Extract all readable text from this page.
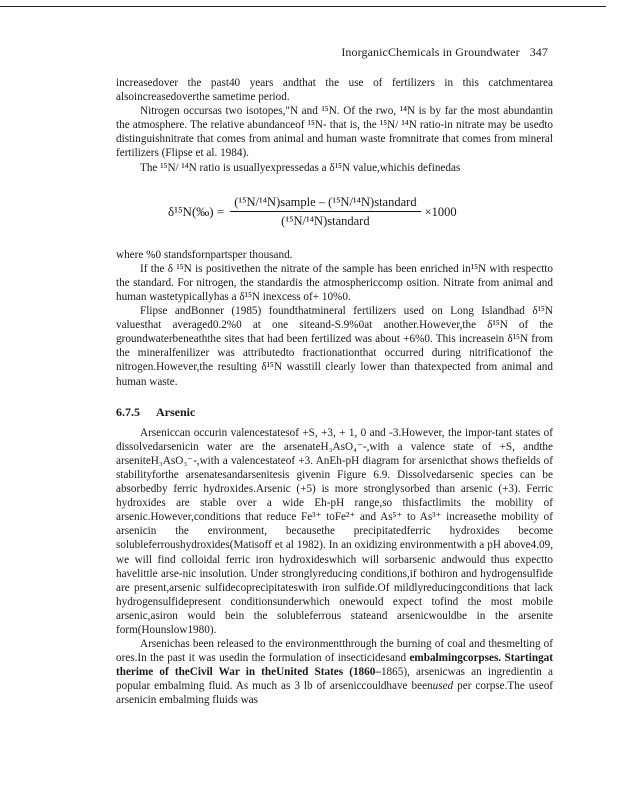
InorganicChemicals in Groundwater 347

increasedover the past40 years andthat the use of fertilizers in this catchmentarea alsoincreasedoverthe sametime period.

Nitrogen occursas two isotopes,"N and ¹⁵N. Of the rwo, ¹⁴N is by far the most abundantin the atmosphere. The relative abundanceof ¹⁵N- that is, the ¹⁵N/ ¹⁴N ratio-in nitrate may be usedto distinguishnitrate that comes from animal and human waste fromnitrate that comes from mineral fertilizers (Flipse et al. 1984).

The ¹⁵N/ ¹⁴N ratio is usuallyexpressedas a δ¹⁵N value,whichis definedas

δ¹⁵N(‰) = $\frac{\text{(¹⁵N/¹⁴N)sample – (¹⁵N/¹⁴N)standard}}{\text{(¹⁵N/¹⁴N)standard}} \times 1000$

where %0 standsfornpartsper thousand.

If the δ ¹⁵N is positivethen the nitrate of the sample has been enriched in¹⁵N with respectto the standard. For nitrogen, the standardis the atmosphericcomp osition. Nitrate from animal and human wastetypicallyhas a δ¹⁵N inexcess of+ 10%0.

Flipse andBonner (1985) foundthatmineral fertilizers used on Long Islandhad δ¹⁵N valuesthat averaged0.2%0 at one siteand-S.9%0at another.However,the δ¹⁵N of the groundwaterbeneaththe sites that had been fertilized was about +6%0. This increasein δ¹⁵N from the mineralfenilizer was attributedto fractionationthat occurred during nitrificationof the nitrogen.However,the resulting δ¹⁵N wasstill clearly lower than thatexpected from animal and human waste.

6.7.5 Arsenic

Arseniccan occurin valencestatesof +S, +3, + 1, 0 and -3.However, the impor-tant states of dissolvedarsenicin water are the arsenateH₃AsO₄⁻-,with a valence state of +S, andthe arseniteH₃AsO₃⁻-,with a valencestateof +3. AnEh-pH diagram for arsenicthat shows thefields of stabilityforthe arsenatesandarsenitesis givenin Figure 6.9. Dissolvedarsenic species can be absorbedby ferric hydroxides.Arsenic (+5) is more stronglysorbed than arsenic (+3). Ferric hydroxides are stable over a wide Eh-pH range,so thisfactlimits the mobility of arsenic.However,conditions that reduce Fe³⁺ toFe²⁺ and As⁵⁺ to As³⁺ increasethe mobility of arsenicin the environment, becausethe precipitatedferric hydroxides become solubleferroushydroxides(Matisoff et al 1982). In an oxidizing environmentwith a pH above4.09, we will find colloidal ferric iron hydroxideswhich will sorbarsenic andwould thus expectto havelittle arse-nic insolution. Under stronglyreducing conditions,if bothiron and hydrogensulfide are present,arsenic sulfidecoprecipitateswith iron sulfide.Of mildlyreducingconditions that lack hydrogensulfidepresent conditionsunderwhich onewould expect tofind the most mobile arsenic,asiron would bein the solubleferrous stateand arsenicwouldbe in the arsenite form(Hounslow1980).

Arsenichas been released to the environmentthrough the burning of coal and thesmelting of ores.In the past it was usedin the formulation of insecticidesand embalmingcorpses. Startingat therime of theCivil War in theUnited States (1860–1865), arsenicwas an ingredientin a popular embalming fluid. As much as 3 lb of arseniccouldhave beenused per corpse.The useof arsenicin embalming fluids was
